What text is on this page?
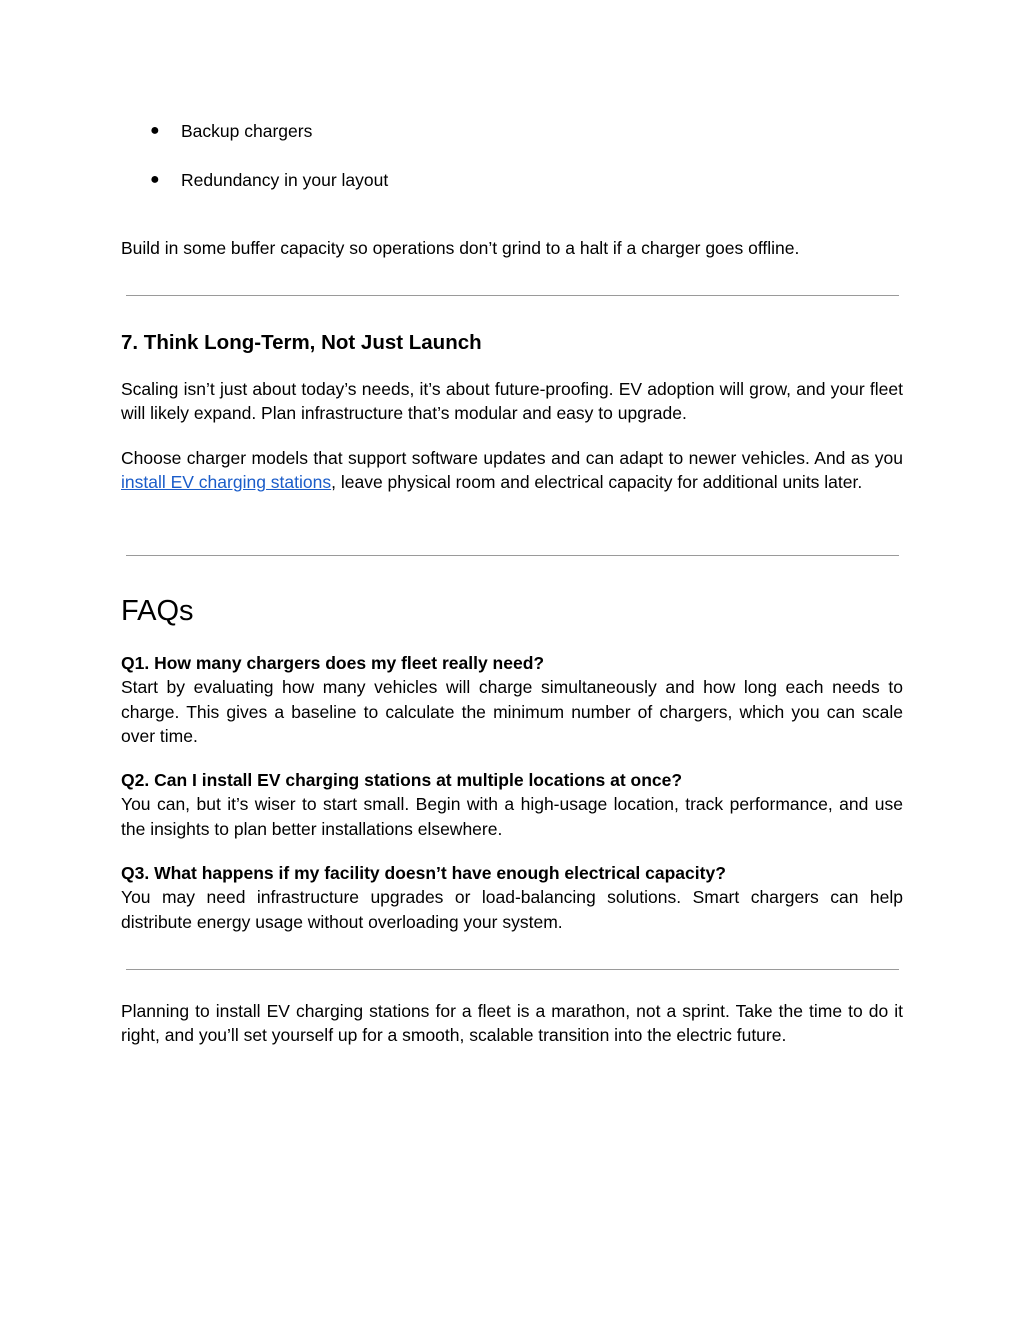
●	Backup chargers
●	Redundancy in your layout

Build in some buffer capacity so operations don’t grind to a halt if a charger goes offline.

7. Think Long-Term, Not Just Launch

Scaling isn’t just about today’s needs, it’s about future-proofing. EV adoption will grow, and your fleet will likely expand. Plan infrastructure that’s modular and easy to upgrade.

Choose charger models that support software updates and can adapt to newer vehicles. And as you install EV charging stations, leave physical room and electrical capacity for additional units later.

FAQs

Q1. How many chargers does my fleet really need?

Start by evaluating how many vehicles will charge simultaneously and how long each needs to charge. This gives a baseline to calculate the minimum number of chargers, which you can scale over time.

Q2. Can I install EV charging stations at multiple locations at once?

You can, but it’s wiser to start small. Begin with a high-usage location, track performance, and use the insights to plan better installations elsewhere.

Q3. What happens if my facility doesn’t have enough electrical capacity?

You may need infrastructure upgrades or load-balancing solutions. Smart chargers can help distribute energy usage without overloading your system.

Planning to install EV charging stations for a fleet is a marathon, not a sprint. Take the time to do it right, and you’ll set yourself up for a smooth, scalable transition into the electric future.
